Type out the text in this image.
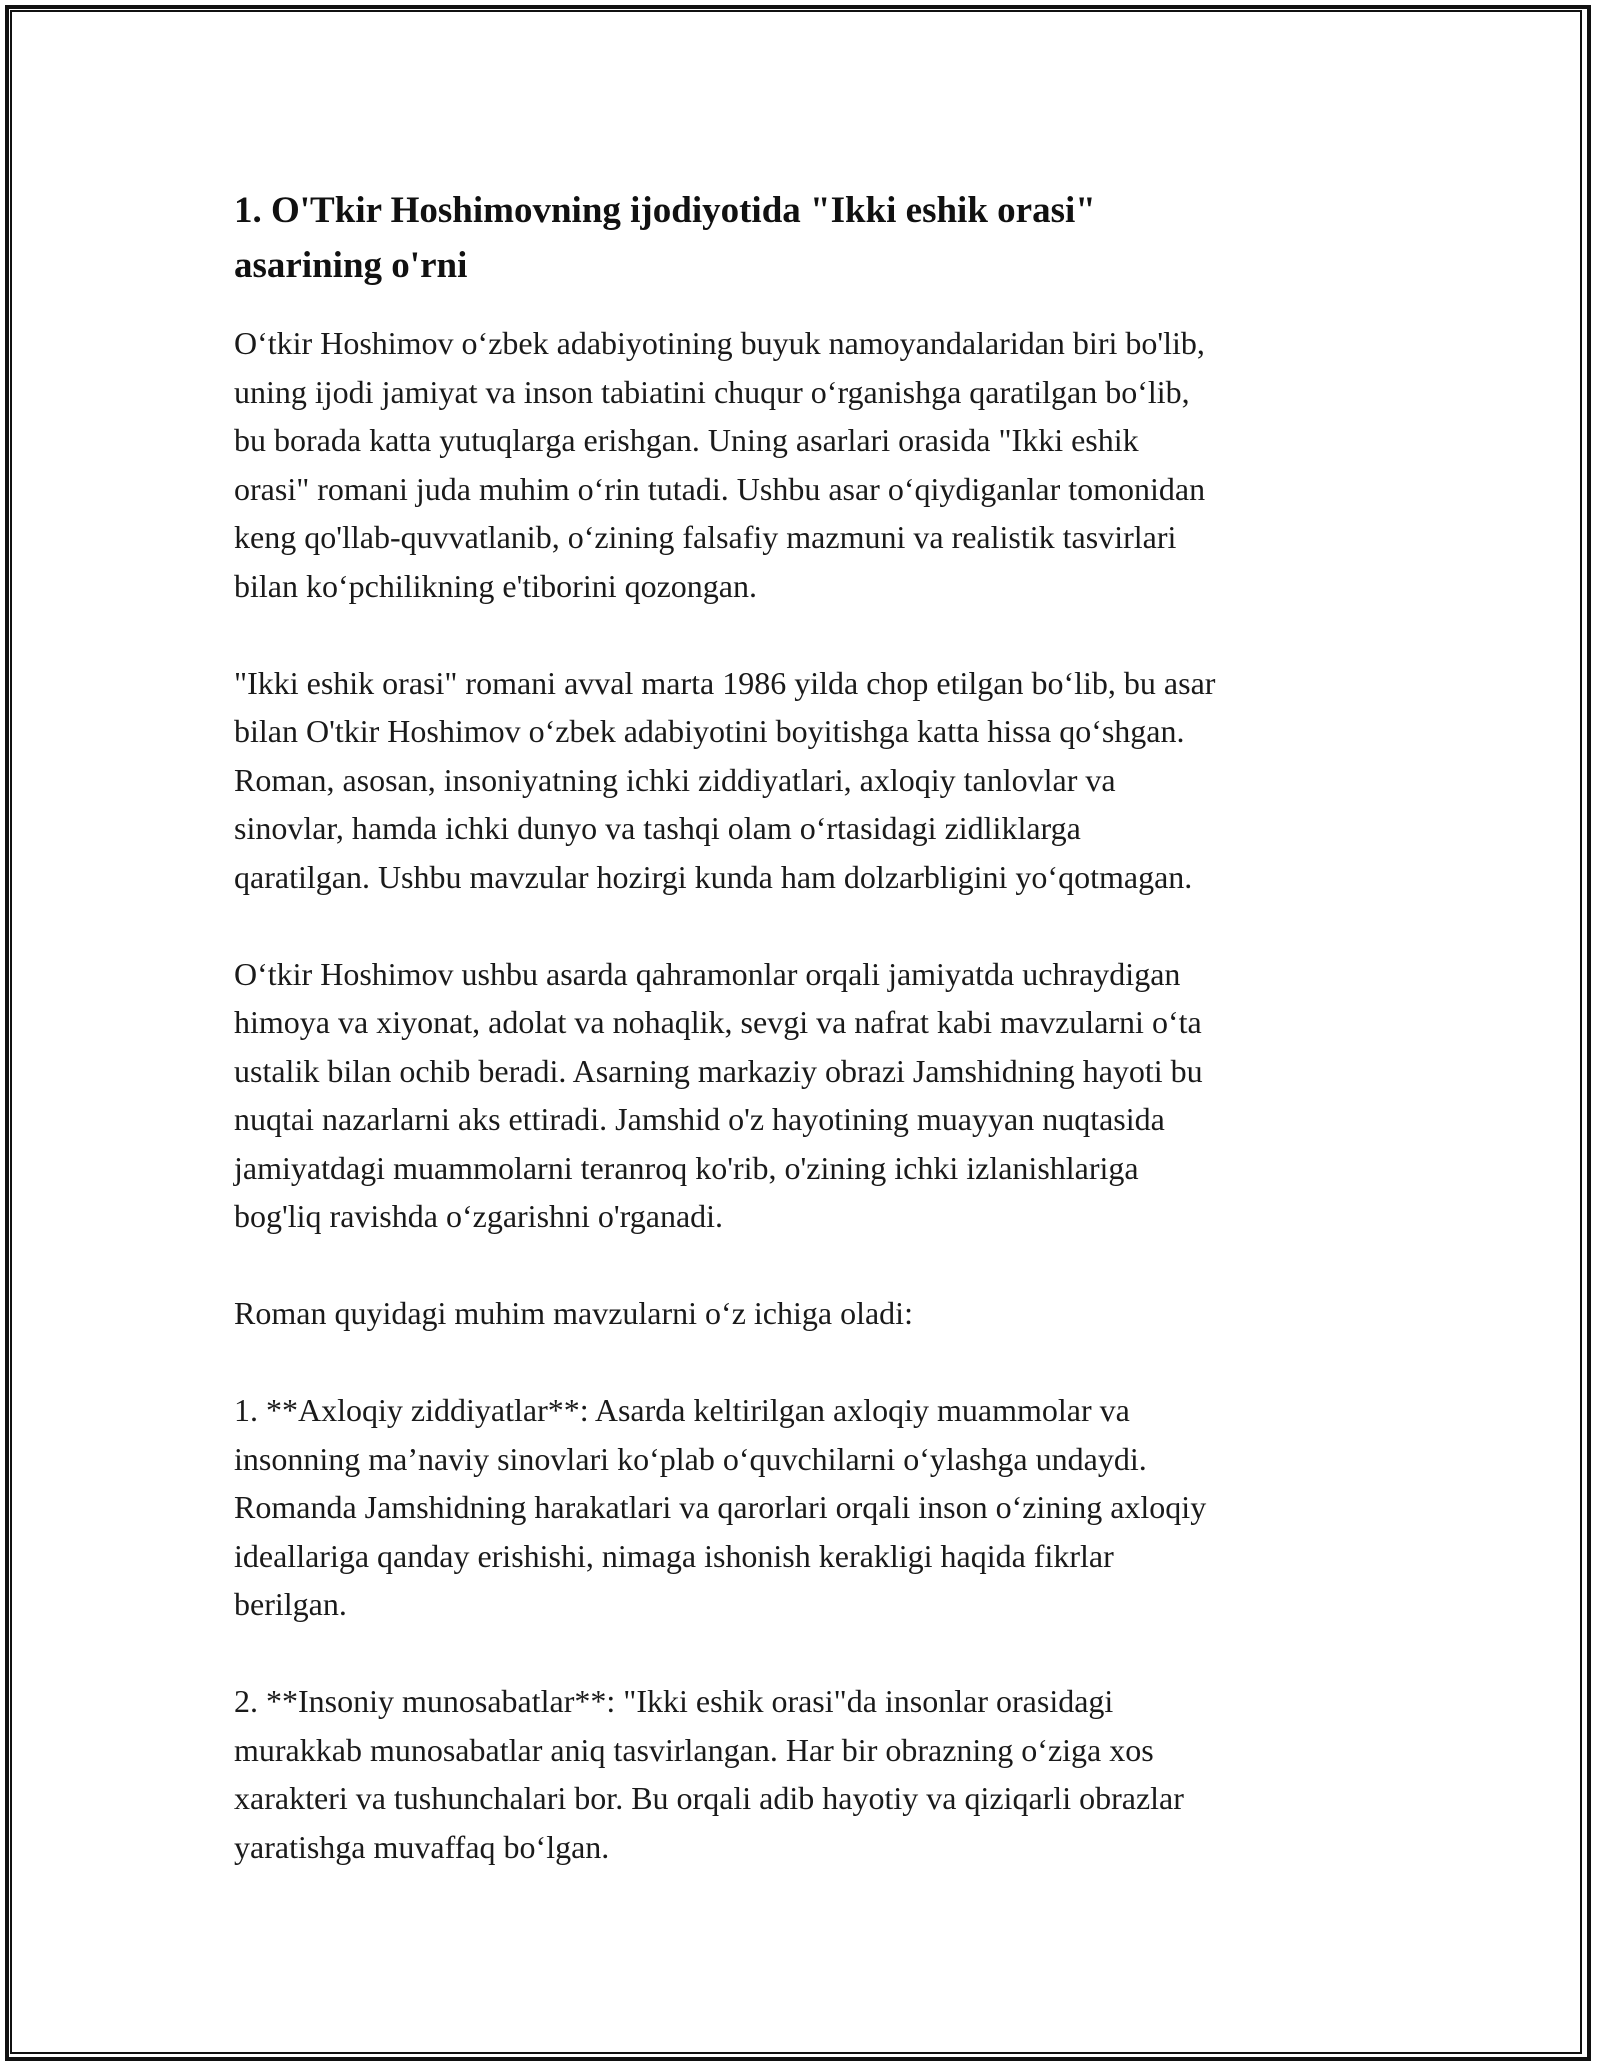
1. O'Tkir Hoshimovning ijodiyotida "Ikki eshik orasi"
asarining o'rni

O‘tkir Hoshimov o‘zbek adabiyotining buyuk namoyandalaridan biri bo'lib,
uning ijodi jamiyat va inson tabiatini chuqur o‘rganishga qaratilgan bo‘lib,
bu borada katta yutuqlarga erishgan. Uning asarlari orasida "Ikki eshik
orasi" romani juda muhim o‘rin tutadi. Ushbu asar o‘qiydiganlar tomonidan
keng qo'llab-quvvatlanib, o‘zining falsafiy mazmuni va realistik tasvirlari
bilan ko‘pchilikning e'tiborini qozongan.

"Ikki eshik orasi" romani avval marta 1986 yilda chop etilgan bo‘lib, bu asar
bilan O'tkir Hoshimov o‘zbek adabiyotini boyitishga katta hissa qo‘shgan.
Roman, asosan, insoniyatning ichki ziddiyatlari, axloqiy tanlovlar va
sinovlar, hamda ichki dunyo va tashqi olam o‘rtasidagi zidliklarga
qaratilgan. Ushbu mavzular hozirgi kunda ham dolzarbligini yo‘qotmagan.

O‘tkir Hoshimov ushbu asarda qahramonlar orqali jamiyatda uchraydigan
himoya va xiyonat, adolat va nohaqlik, sevgi va nafrat kabi mavzularni o‘ta
ustalik bilan ochib beradi. Asarning markaziy obrazi Jamshidning hayoti bu
nuqtai nazarlarni aks ettiradi. Jamshid o'z hayotining muayyan nuqtasida
jamiyatdagi muammolarni teranroq ko'rib, o'zining ichki izlanishlariga
bog'liq ravishda o‘zgarishni o'rganadi.

Roman quyidagi muhim mavzularni o‘z ichiga oladi:

1. **Axloqiy ziddiyatlar**: Asarda keltirilgan axloqiy muammolar va
insonning ma’naviy sinovlari ko‘plab o‘quvchilarni o‘ylashga undaydi.
Romanda Jamshidning harakatlari va qarorlari orqali inson o‘zining axloqiy
ideallariga qanday erishishi, nimaga ishonish kerakligi haqida fikrlar
berilgan.

2. **Insoniy munosabatlar**: "Ikki eshik orasi"da insonlar orasidagi
murakkab munosabatlar aniq tasvirlangan. Har bir obrazning o‘ziga xos
xarakteri va tushunchalari bor. Bu orqali adib hayotiy va qiziqarli obrazlar
yaratishga muvaffaq bo‘lgan.
